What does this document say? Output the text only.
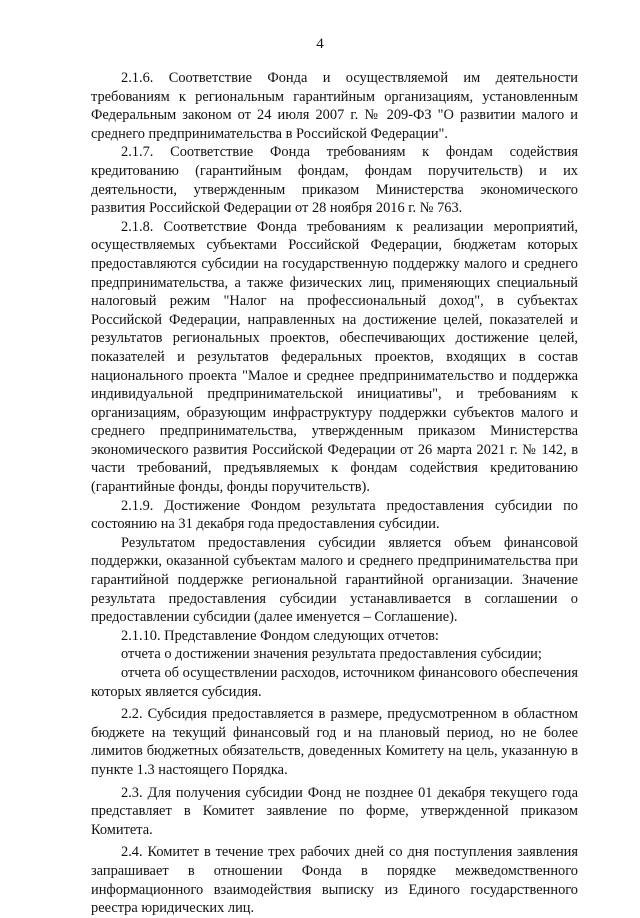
4

2.1.6. Соответствие Фонда и осуществляемой им деятельности требованиям к региональным гарантийным организациям, установленным Федеральным законом от 24 июля 2007 г. № 209-ФЗ "О развитии малого и среднего предпринимательства в Российской Федерации".

2.1.7. Соответствие Фонда требованиям к фондам содействия кредитованию (гарантийным фондам, фондам поручительств) и их деятельности, утвержденным приказом Министерства экономического развития Российской Федерации от 28 ноября 2016 г. № 763.

2.1.8. Соответствие Фонда требованиям к реализации мероприятий, осуществляемых субъектами Российской Федерации, бюджетам которых предоставляются субсидии на государственную поддержку малого и среднего предпринимательства, а также физических лиц, применяющих специальный налоговый режим "Налог на профессиональный доход", в субъектах Российской Федерации, направленных на достижение целей, показателей и результатов региональных проектов, обеспечивающих достижение целей, показателей и результатов федеральных проектов, входящих в состав национального проекта "Малое и среднее предпринимательство и поддержка индивидуальной предпринимательской инициативы", и требованиям к организациям, образующим инфраструктуру поддержки субъектов малого и среднего предпринимательства, утвержденным приказом Министерства экономического развития Российской Федерации от 26 марта 2021 г. № 142, в части требований, предъявляемых к фондам содействия кредитованию (гарантийные фонды, фонды поручительств).

2.1.9. Достижение Фондом результата предоставления субсидии по состоянию на 31 декабря года предоставления субсидии.

Результатом предоставления субсидии является объем финансовой поддержки, оказанной субъектам малого и среднего предпринимательства при гарантийной поддержке региональной гарантийной организации. Значение результата предоставления субсидии устанавливается в соглашении о предоставлении субсидии (далее именуется – Соглашение).

2.1.10. Представление Фондом следующих отчетов:

отчета о достижении значения результата предоставления субсидии;

отчета об осуществлении расходов, источником финансового обеспечения которых является субсидия.

2.2. Субсидия предоставляется в размере, предусмотренном в областном бюджете на текущий финансовый год и на плановый период, но не более лимитов бюджетных обязательств, доведенных Комитету на цель, указанную в пункте 1.3 настоящего Порядка.

2.3. Для получения субсидии Фонд не позднее 01 декабря текущего года представляет в Комитет заявление по форме, утвержденной приказом Комитета.

2.4. Комитет в течение трех рабочих дней со дня поступления заявления запрашивает в отношении Фонда в порядке межведомственного информационного взаимодействия выписку из Единого государственного реестра юридических лиц.
